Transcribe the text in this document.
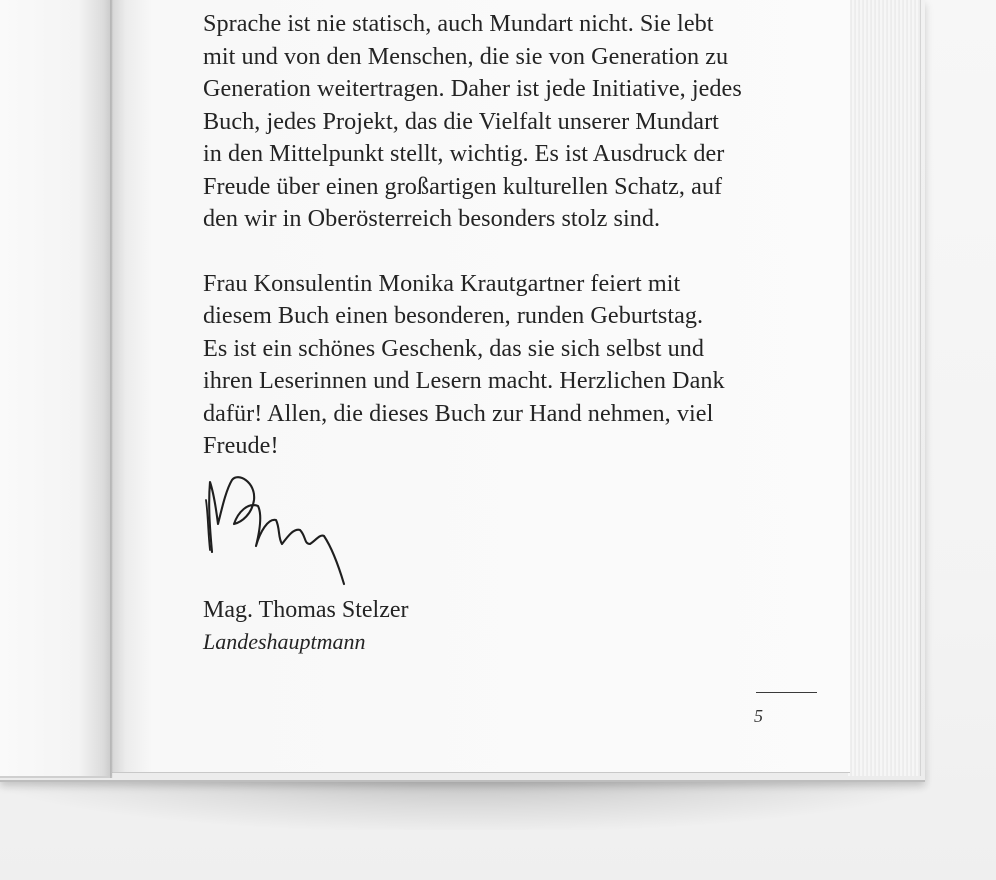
Sprache ist nie statisch, auch Mundart nicht. Sie lebt
mit und von den Menschen, die sie von Generation zu
Generation weitertragen. Daher ist jede Initiative, jedes
Buch, jedes Projekt, das die Vielfalt unserer Mundart
in den Mittelpunkt stellt, wichtig. Es ist Ausdruck der
Freude über einen großartigen kulturellen Schatz, auf
den wir in Oberösterreich besonders stolz sind.

Frau Konsulentin Monika Krautgartner feiert mit
diesem Buch einen besonderen, runden Geburtstag.
Es ist ein schönes Geschenk, das sie sich selbst und
ihren Leserinnen und Lesern macht. Herzlichen Dank
dafür! Allen, die dieses Buch zur Hand nehmen, viel
Freude!

Mag. Thomas Stelzer
Landeshauptmann
5
